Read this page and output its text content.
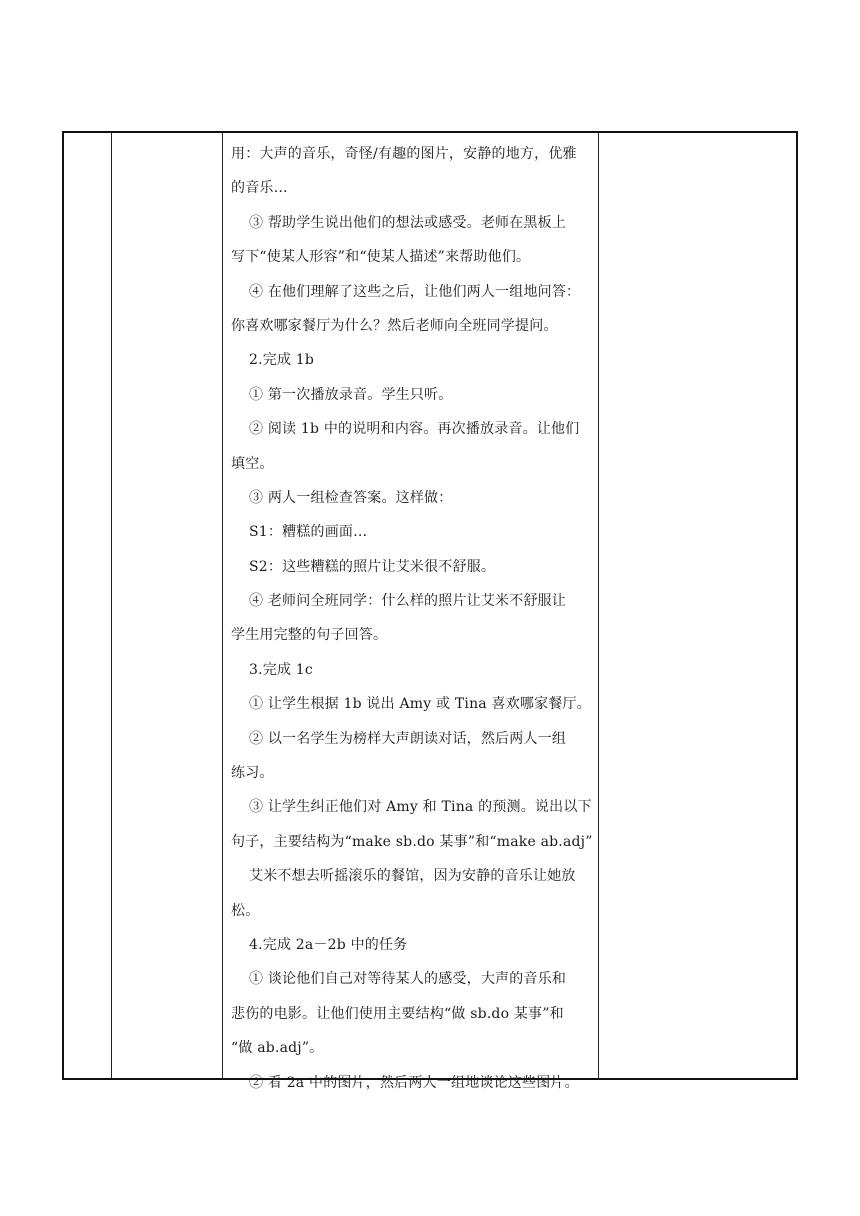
用：大声的音乐，奇怪/有趣的图片，安静的地方，优雅
的音乐…
③ 帮助学生说出他们的想法或感受。老师在黑板上
写下“使某人形容”和“使某人描述”来帮助他们。
④ 在他们理解了这些之后，让他们两人一组地问答：
你喜欢哪家餐厅为什么？然后老师向全班同学提问。
2.完成 1b
① 第一次播放录音。学生只听。
② 阅读 1b 中的说明和内容。再次播放录音。让他们
填空。
③ 两人一组检查答案。这样做：
S1：糟糕的画面…
S2：这些糟糕的照片让艾米很不舒服。
④ 老师问全班同学：什么样的照片让艾米不舒服让
学生用完整的句子回答。
3.完成 1c
① 让学生根据 1b 说出 Amy 或 Tina 喜欢哪家餐厅。
② 以一名学生为榜样大声朗读对话，然后两人一组
练习。
③ 让学生纠正他们对 Amy 和 Tina 的预测。说出以下
句子，主要结构为“make sb.do 某事”和“make ab.adj”
艾米不想去听摇滚乐的餐馆，因为安静的音乐让她放
松。
4.完成 2a－2b 中的任务
① 谈论他们自己对等待某人的感受，大声的音乐和
悲伤的电影。让他们使用主要结构“做 sb.do 某事”和
“做 ab.adj”。
② 看 2a 中的图片，然后两人一组地谈论这些图片。
